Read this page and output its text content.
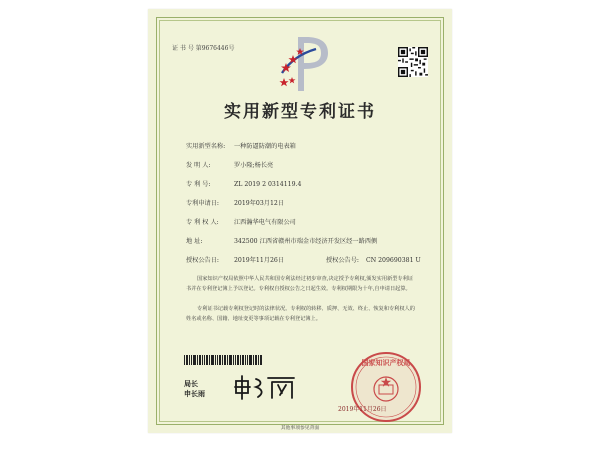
证 书 号 第9676446号
实用新型专利证书
实用新型名称: 一种防逼防潮的电表箱
发 明 人:	罗小隆;杨长亮
专 利 号:	ZL 2019 2 0314119.4
专利申请日: 2019年03月12日
专 利 权 人: 江西瀚华电气有限公司
地 址:	342500 江西省赣州市瑞金市经济开发区经一路西侧
授权公告日: 2019年11月26日	授权公告号: CN 209690381 U
国家知识产权局依照中华人民共和国专利法经过初步审查,决定授予专利权,颁发实用新型专利证书并在专利登记簿上予以登记。专利权自授权公告之日起生效。专利权期限为十年,自申请日起算。
专利证书记载专利权登记时的法律状况。专利权的转移、质押、无效、终止、恢复和专利权人的姓名或名称、国籍、地址变更等事项记载在专利登记簿上。
局长
申长雨
国家知识产权局
2019年11月26日
其他事项参见背面
